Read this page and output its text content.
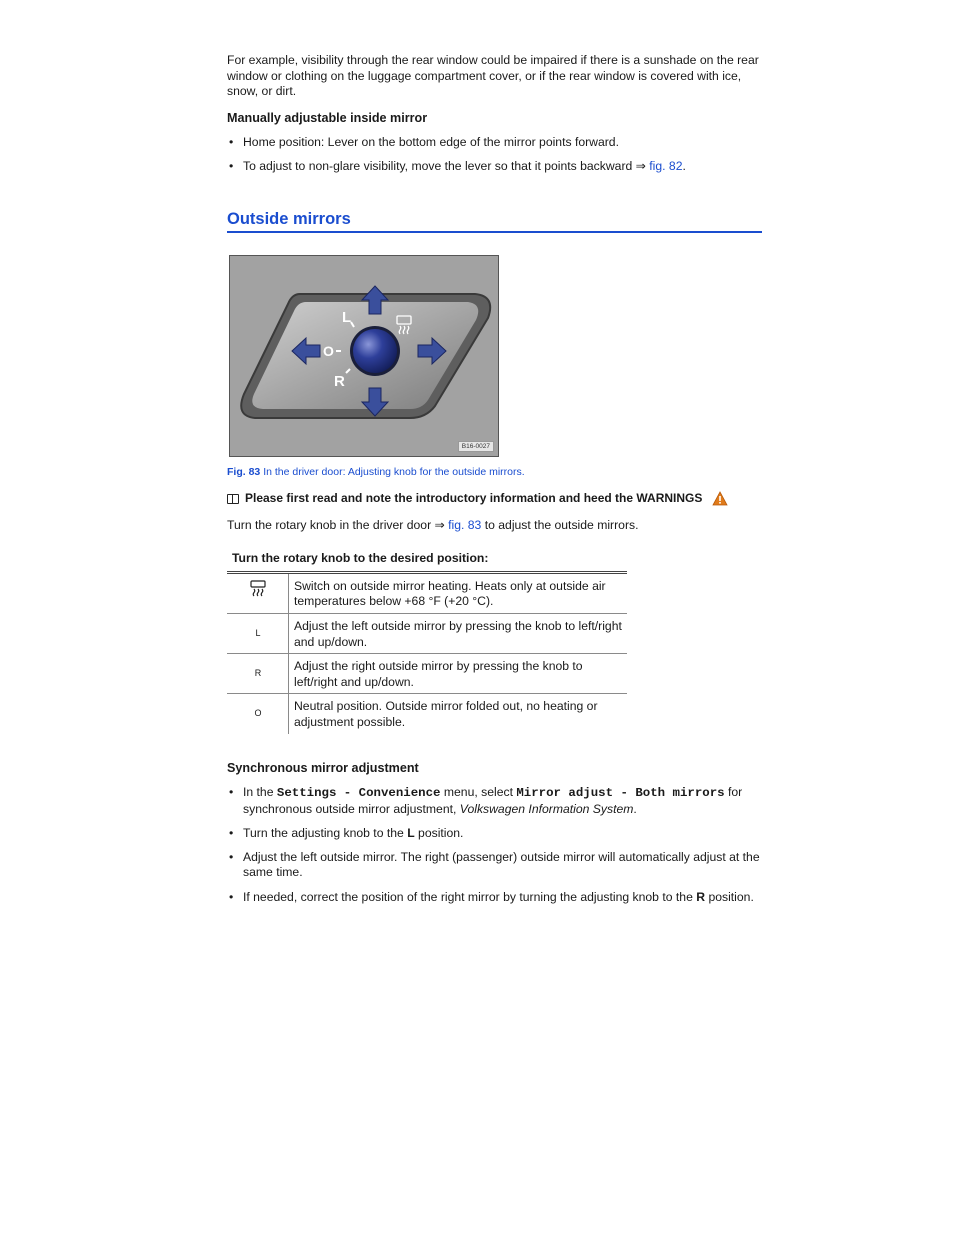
For example, visibility through the rear window could be impaired if there is a sunshade on the rear window or clothing on the luggage compartment cover, or if the rear window is covered with ice, snow, or dirt.

Manually adjustable inside mirror
• Home position: Lever on the bottom edge of the mirror points forward.
• To adjust to non-glare visibility, move the lever so that it points backward ⇒ fig. 82.
Outside mirrors
L
O
R
B16-0027

Fig. 83 In the driver door: Adjusting knob for the outside mirrors.

Please first read and note the introductory information and heed the WARNINGS

Turn the rotary knob in the driver door ⇒ fig. 83 to adjust the outside mirrors.

Turn the rotary knob to the desired position:
	Switch on outside mirror heating. Heats only at outside air temperatures below +68 °F (+20 °C).
L	Adjust the left outside mirror by pressing the knob to left/right and up/down.
R	Adjust the right outside mirror by pressing the knob to left/right and up/down.
O	Neutral position. Outside mirror folded out, no heating or adjustment possible.
Synchronous mirror adjustment
• In the Settings - Convenience menu, select Mirror adjust - Both mirrors for synchronous outside mirror adjustment, Volkswagen Information System.
• Turn the adjusting knob to the L position.
• Adjust the left outside mirror. The right (passenger) outside mirror will automatically adjust at the same time.
• If needed, correct the position of the right mirror by turning the adjusting knob to the R position.
